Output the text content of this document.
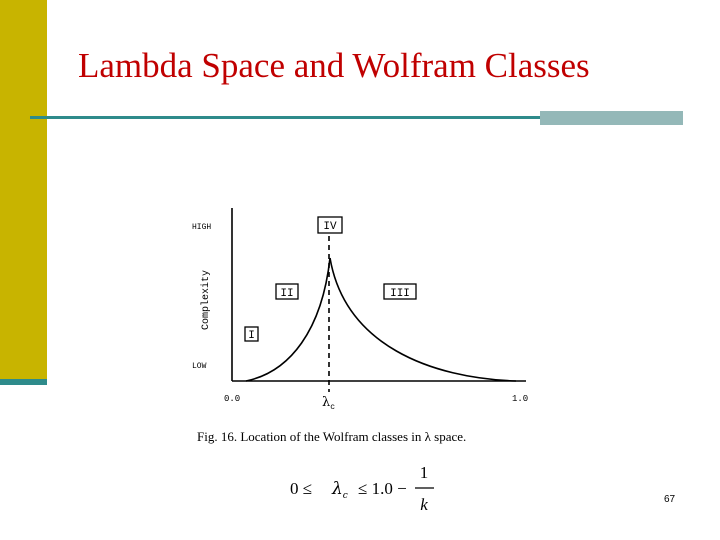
Lambda Space and Wolfram Classes
HIGH
LOW
Complexity
0.0	1.0
$\lambda_c$
IV
II	III
I
Fig. 16. Location of the Wolfram classes in λ space.
$0 \le \lambda_c \le 1.0$ −
1
k	67
